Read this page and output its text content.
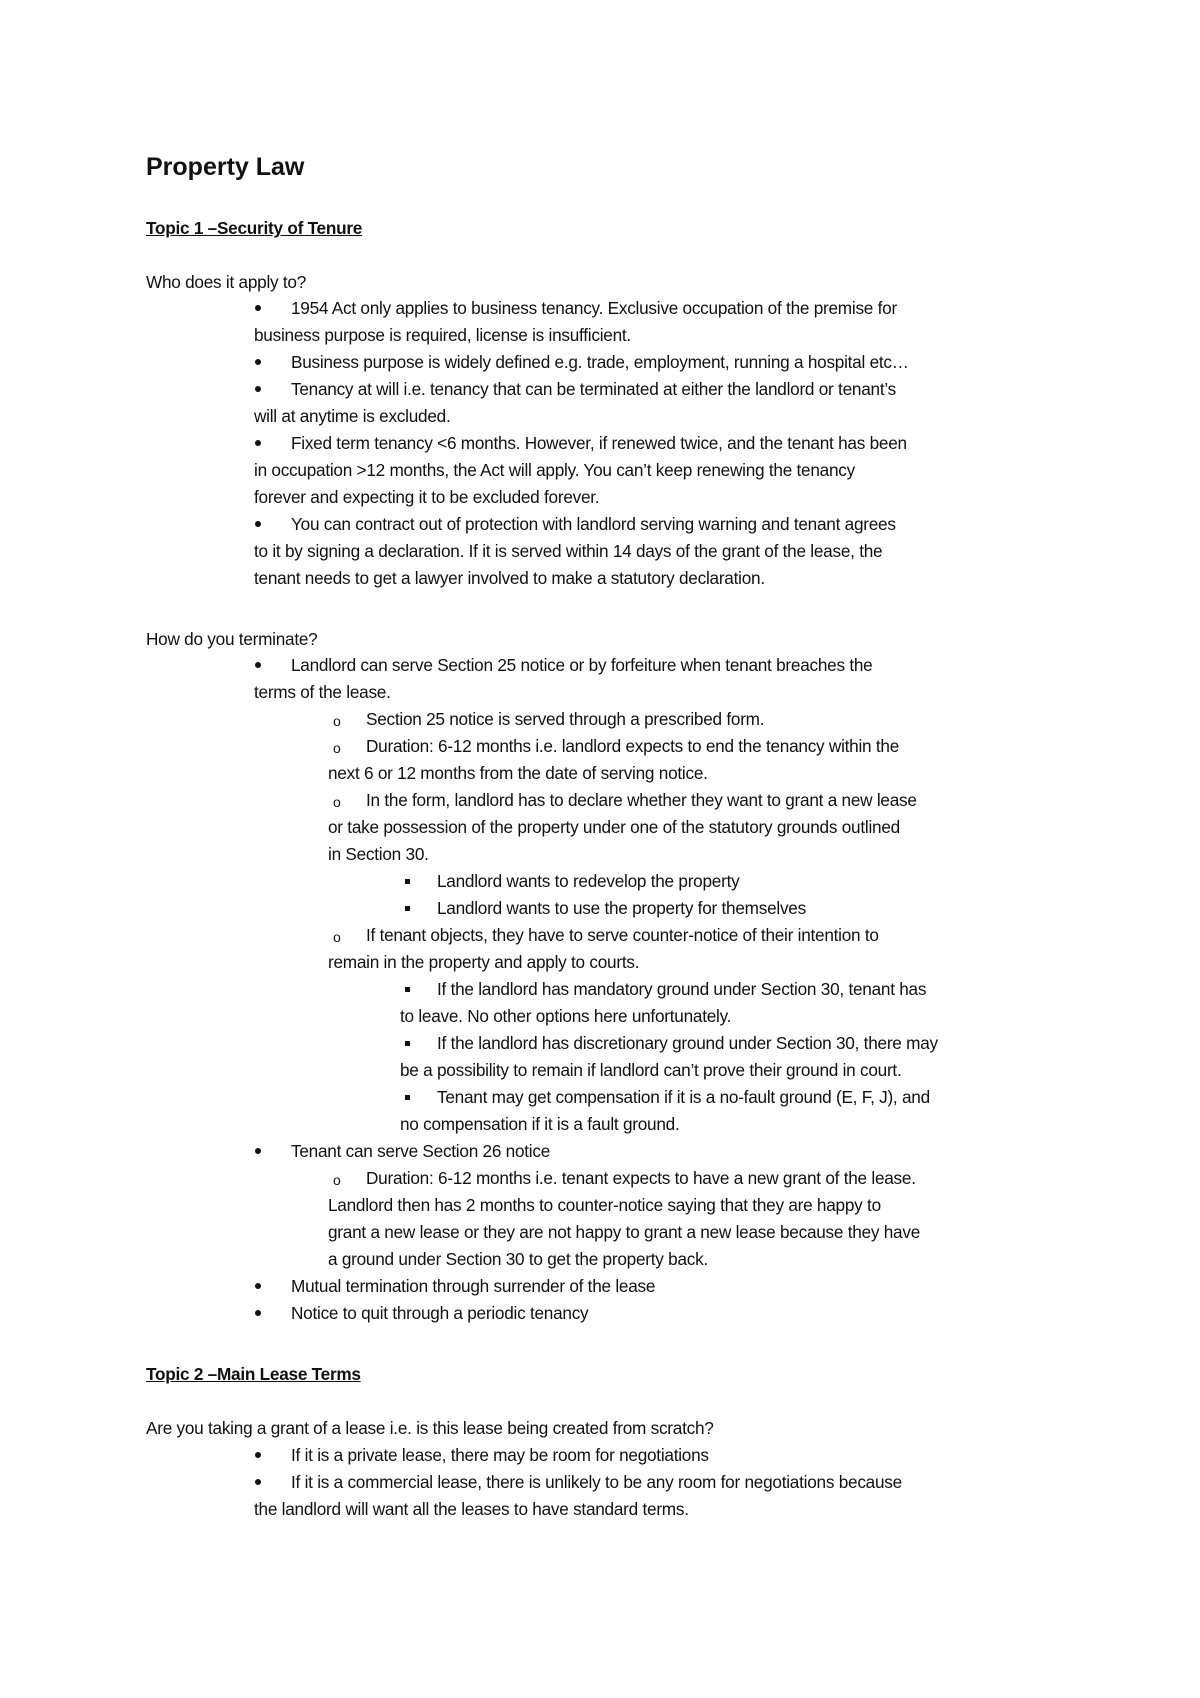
Property Law
Topic 1 –Security of Tenure
Who does it apply to?
1954 Act only applies to business tenancy. Exclusive occupation of the premise for
business purpose is required, license is insufficient.
Business purpose is widely defined e.g. trade, employment, running a hospital etc…
Tenancy at will i.e. tenancy that can be terminated at either the landlord or tenant’s
will at anytime is excluded.
Fixed term tenancy <6 months. However, if renewed twice, and the tenant has been
in occupation >12 months, the Act will apply. You can’t keep renewing the tenancy
forever and expecting it to be excluded forever.
You can contract out of protection with landlord serving warning and tenant agrees
to it by signing a declaration. If it is served within 14 days of the grant of the lease, the
tenant needs to get a lawyer involved to make a statutory declaration.
How do you terminate?
Landlord can serve Section 25 notice or by forfeiture when tenant breaches the
terms of the lease.
o Section 25 notice is served through a prescribed form.
o Duration: 6-12 months i.e. landlord expects to end the tenancy within the
next 6 or 12 months from the date of serving notice.
o In the form, landlord has to declare whether they want to grant a new lease
or take possession of the property under one of the statutory grounds outlined
in Section 30.
Landlord wants to redevelop the property
Landlord wants to use the property for themselves
o If tenant objects, they have to serve counter-notice of their intention to
remain in the property and apply to courts.
If the landlord has mandatory ground under Section 30, tenant has
to leave. No other options here unfortunately.
If the landlord has discretionary ground under Section 30, there may
be a possibility to remain if landlord can’t prove their ground in court.
Tenant may get compensation if it is a no-fault ground (E, F, J), and
no compensation if it is a fault ground.
Tenant can serve Section 26 notice
o Duration: 6-12 months i.e. tenant expects to have a new grant of the lease.
Landlord then has 2 months to counter-notice saying that they are happy to
grant a new lease or they are not happy to grant a new lease because they have
a ground under Section 30 to get the property back.
Mutual termination through surrender of the lease
Notice to quit through a periodic tenancy
Topic 2 –Main Lease Terms
Are you taking a grant of a lease i.e. is this lease being created from scratch?
If it is a private lease, there may be room for negotiations
If it is a commercial lease, there is unlikely to be any room for negotiations because
the landlord will want all the leases to have standard terms.
